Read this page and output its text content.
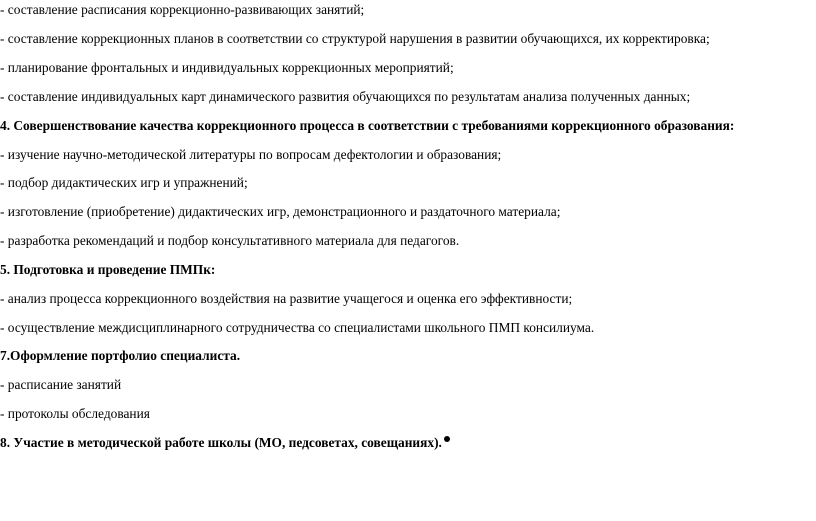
- составление расписания коррекционно-развивающих занятий;
- составление коррекционных планов в соответствии со структурой нарушения в развитии обучающихся, их корректировка;
- планирование фронтальных и индивидуальных коррекционных мероприятий;
- составление индивидуальных карт динамического развития обучающихся по результатам анализа полученных данных;
4. Совершенствование качества коррекционного процесса в соответствии с требованиями коррекционного образования:
- изучение научно-методической литературы по вопросам дефектологии и образования;
- подбор дидактических игр и упражнений;
- изготовление (приобретение) дидактических игр, демонстрационного и раздаточного материала;
- разработка рекомендаций и подбор консультативного материала для педагогов.
5. Подготовка и проведение ПМПк:
- анализ процесса коррекционного воздействия на развитие учащегося и оценка его эффективности;
- осуществление междисциплинарного сотрудничества со специалистами школьного ПМП консилиума.
7.Оформление портфолио специалиста.
- расписание занятий
- протоколы обследования
8. Участие в методической работе школы (МО, педсоветах, совещаниях).
